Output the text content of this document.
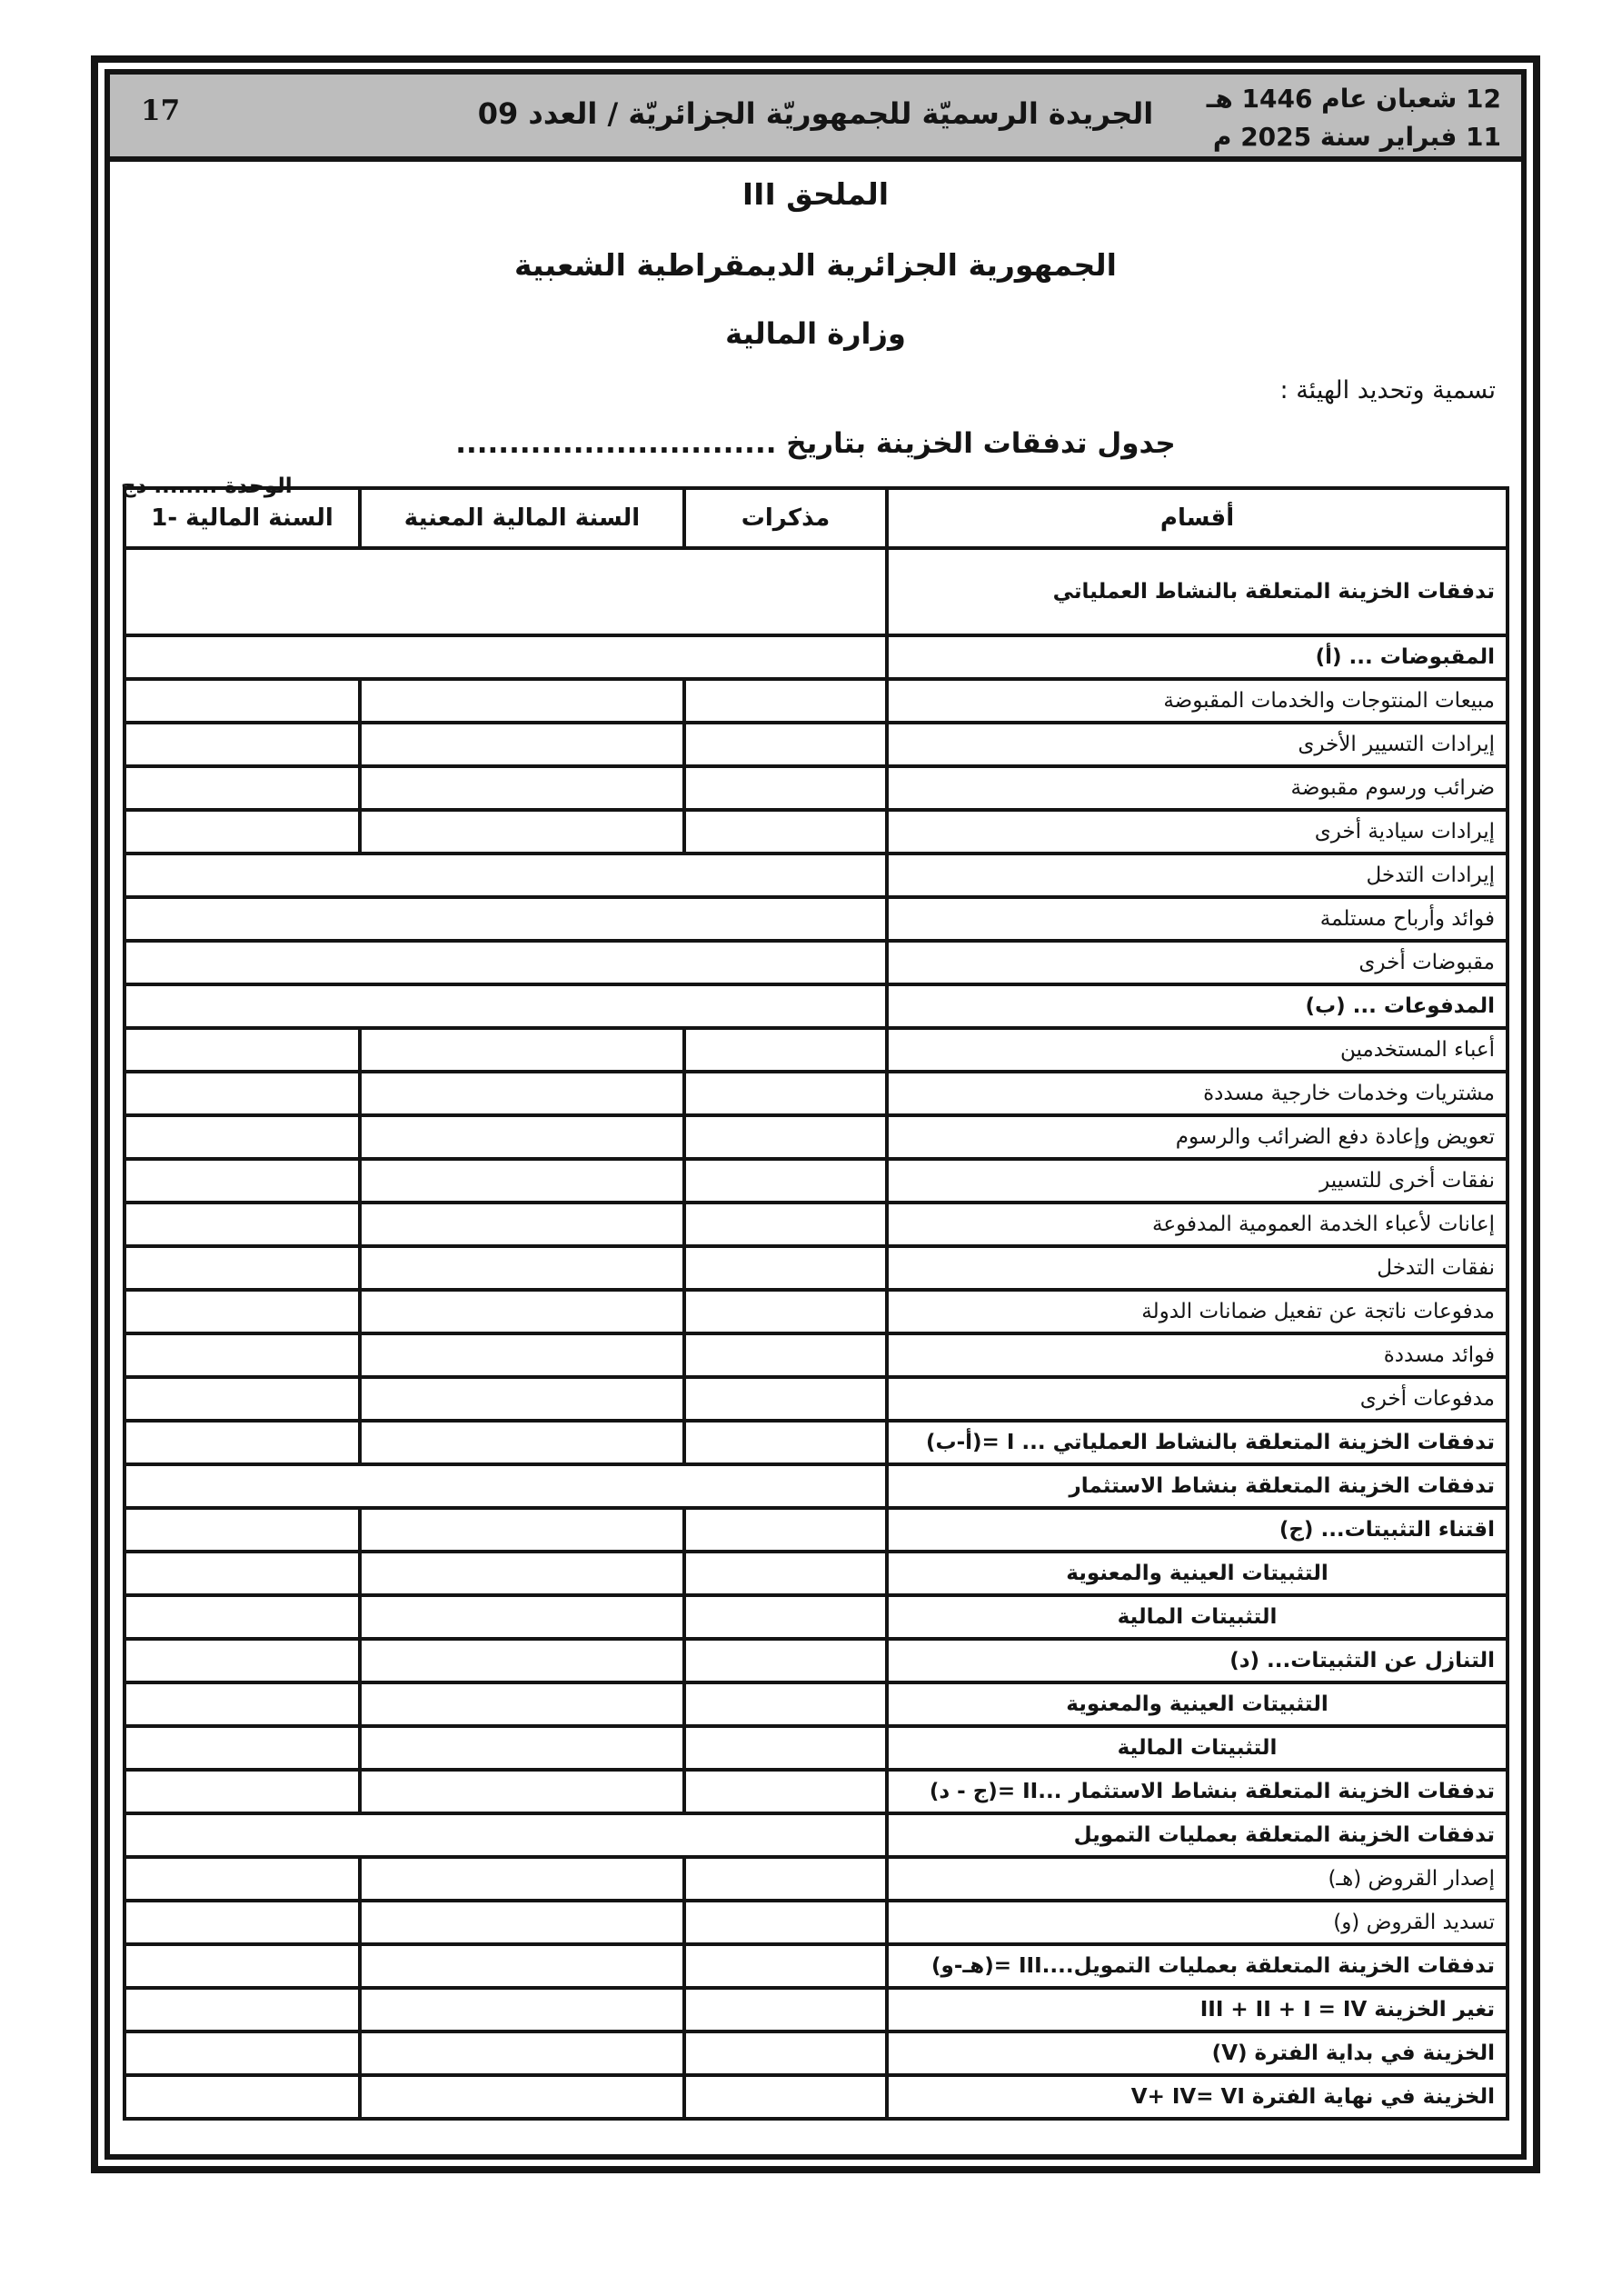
17	الجريدة الرسميّة للجمهوريّة الجزائريّة / العدد 09	12 شعبان عام 1446 هـ
11 فبراير سنة 2025 م
الملحق III
الجمهورية الجزائرية الديمقراطية الشعبية
وزارة المالية
تسمية وتحديد الهيئة :
جدول تدفقات الخزينة بتاريخ ..............................
الوحدة ........ دج
أقسام	مذكرات	السنة المالية المعنية	السنة المالية -1
تدفقات الخزينة المتعلقة بالنشاط العملياتي			
المقبوضات ... (أ)			
مبيعات المنتوجات والخدمات المقبوضة			
إيرادات التسيير الأخرى			
ضرائب ورسوم مقبوضة			
إيرادات سيادية أخرى			
إيرادات التدخل			
فوائد وأرباح مستلمة			
مقبوضات أخرى			
المدفوعات ... (ب)			
أعباء المستخدمين			
مشتريات وخدمات خارجية مسددة			
تعويض وإعادة دفع الضرائب والرسوم			
نفقات أخرى للتسيير			
إعانات لأعباء الخدمة العمومية المدفوعة			
نفقات التدخل			
مدفوعات ناتجة عن تفعيل ضمانات الدولة			
فوائد مسددة			
مدفوعات أخرى			
تدفقات الخزينة المتعلقة بالنشاط العملياتي ... I =(أ-ب)			
تدفقات الخزينة المتعلقة بنشاط الاستثمار			
اقتناء التثبيتات... (ج)			
التثبيتات العينية والمعنوية			
التثبيتات المالية			
التنازل عن التثبيتات... (د)			
التثبيتات العينية والمعنوية			
التثبيتات المالية			
تدفقات الخزينة المتعلقة بنشاط الاستثمار ...II =(ج - د)			
تدفقات الخزينة المتعلقة بعمليات التمويل			
إصدار القروض (هـ)			
تسديد القروض (و)			
تدفقات الخزينة المتعلقة بعمليات التمويل....III =(هـ-و)			
تغير الخزينة III + II + I = IV			
الخزينة في بداية الفترة (V)			
الخزينة في نهاية الفترة V+ IV= VI			
